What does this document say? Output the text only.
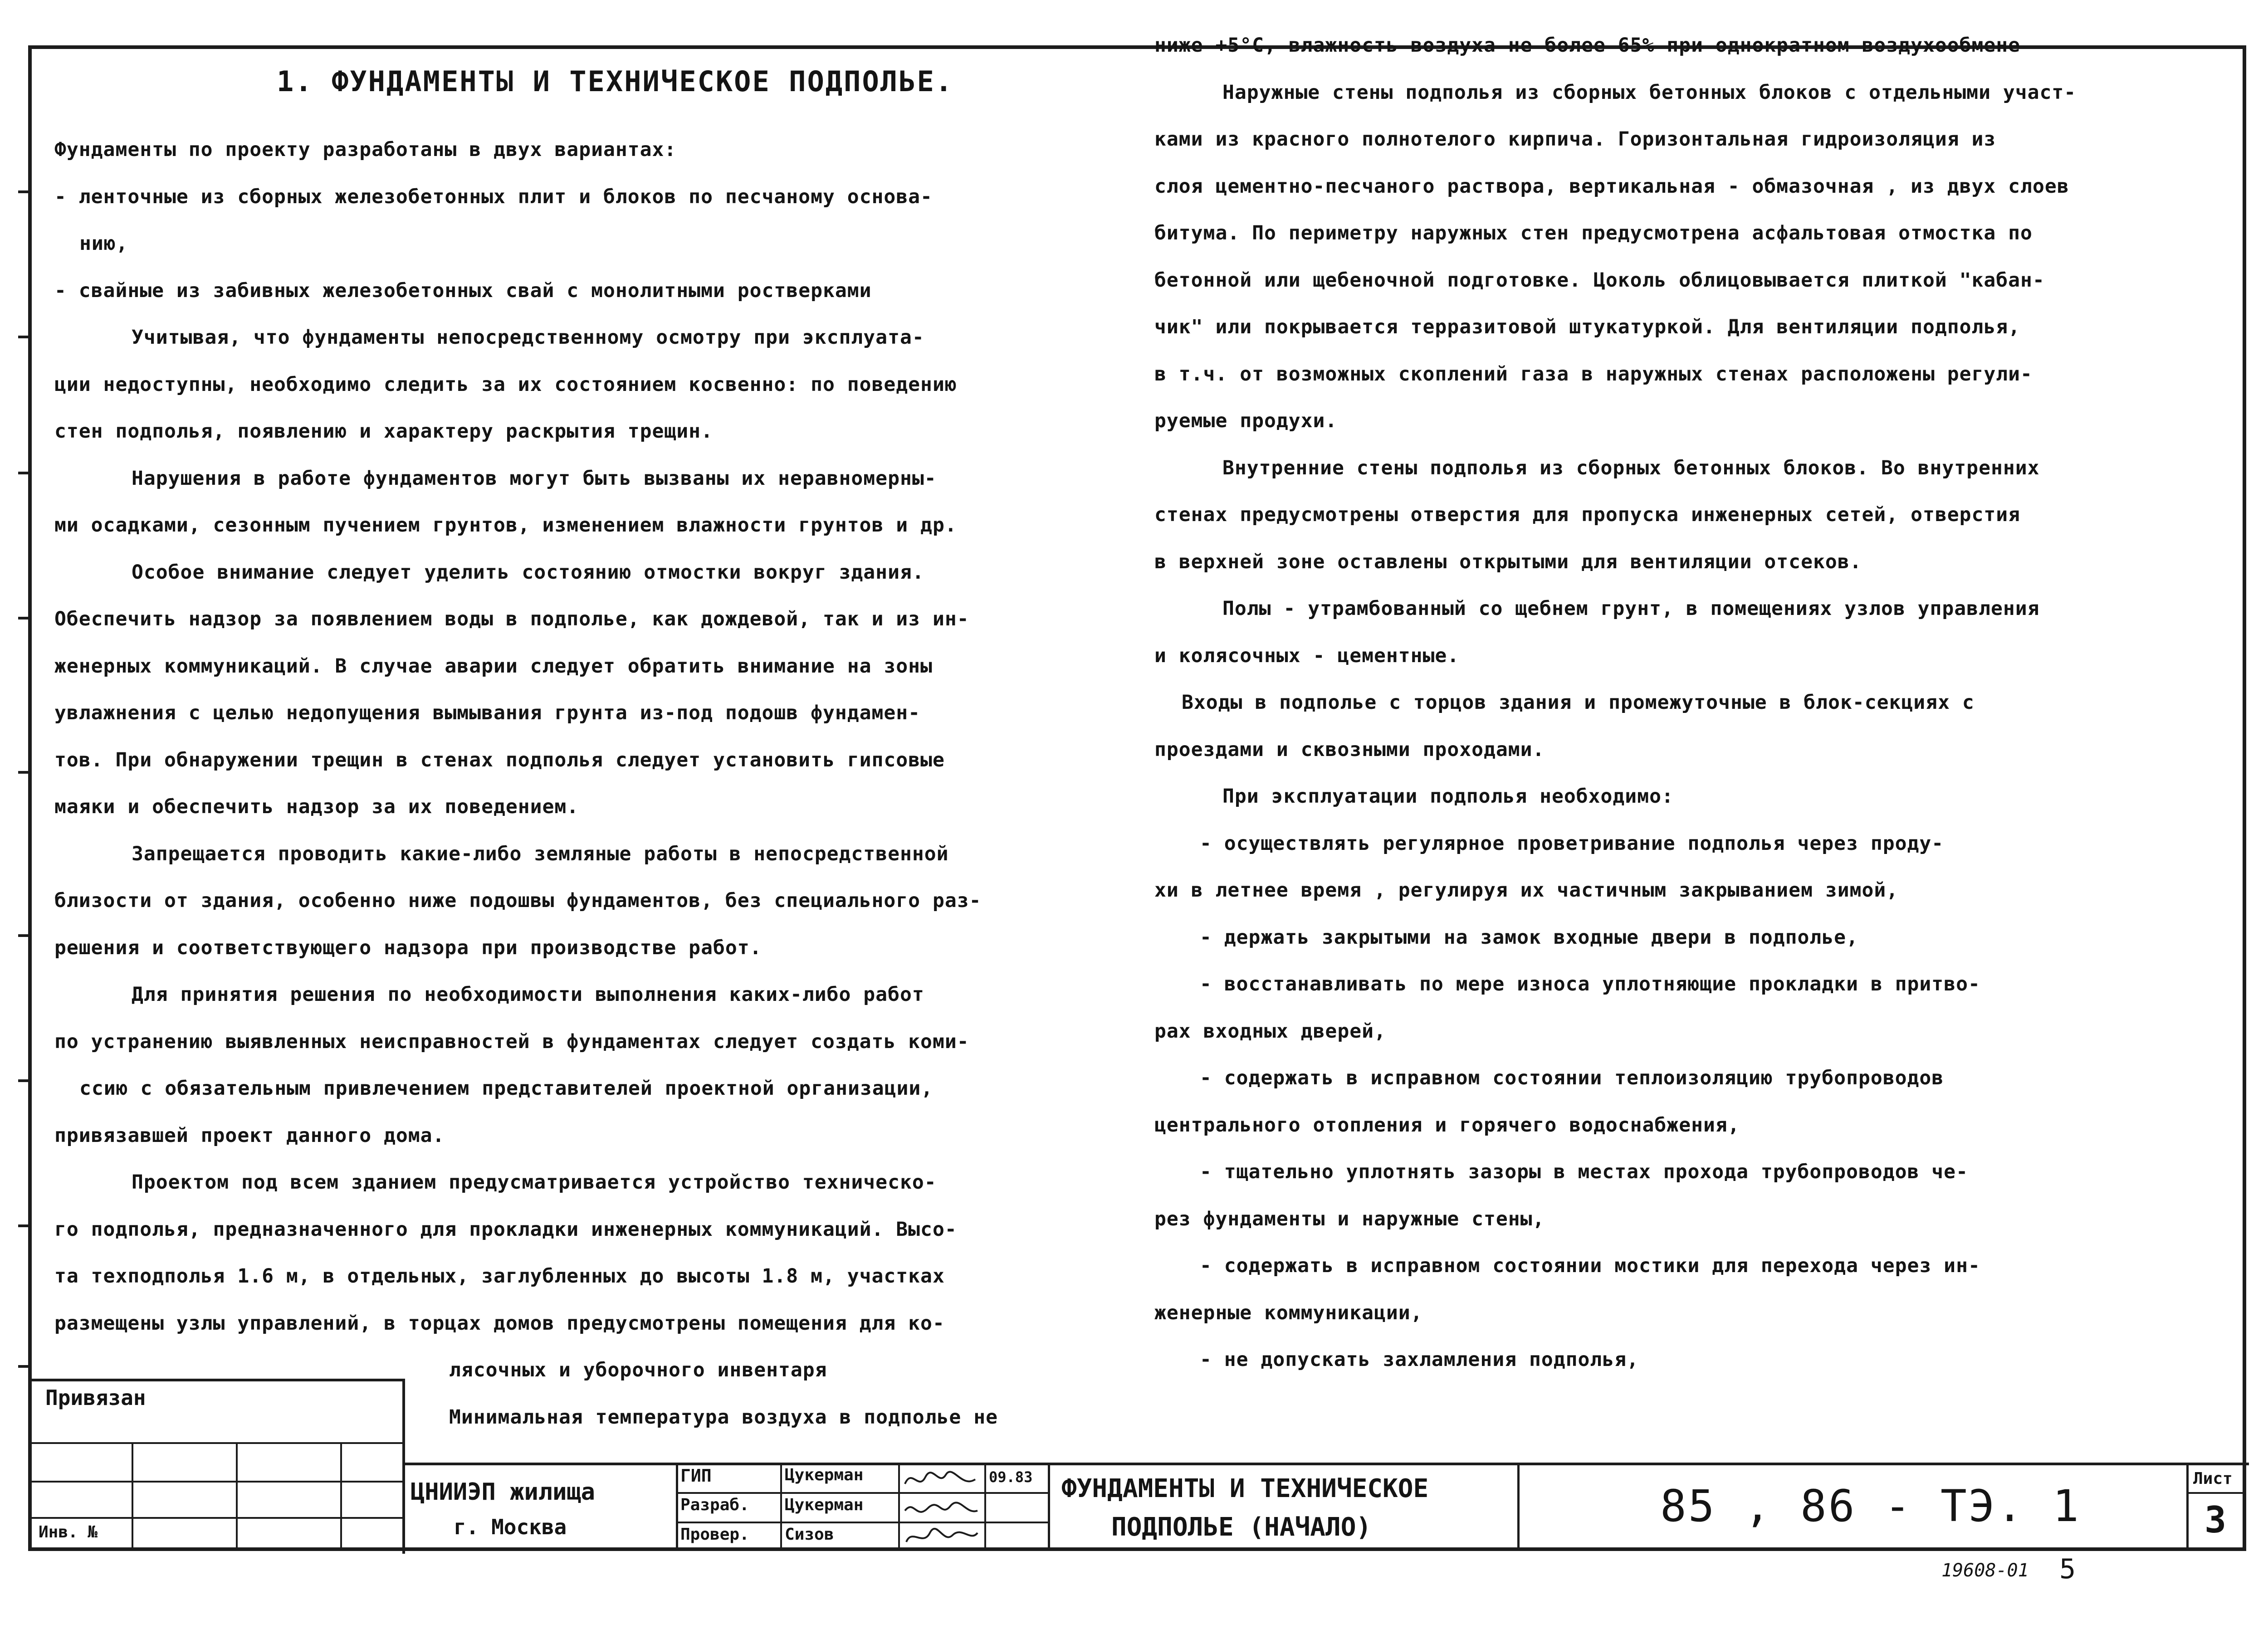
1. ФУНДАМЕНТЫ И ТЕХНИЧЕСКОЕ ПОДПОЛЬЕ.
Фундаменты по проекту разработаны в двух вариантах:
- ленточные из сборных железобетонных плит и блоков по песчаному основа-
нию,
- свайные из забивных железобетонных свай с монолитными ростверками
Учитывая, что фундаменты непосредственному осмотру при эксплуата-
ции недоступны, необходимо следить за их состоянием косвенно: по поведению
стен подполья, появлению и характеру раскрытия трещин.
Нарушения в работе фундаментов могут быть вызваны их неравномерны-
ми осадками, сезонным пучением грунтов, изменением влажности грунтов и др.
Особое внимание следует уделить состоянию отмостки вокруг здания.
Обеспечить надзор за появлением воды в подполье, как дождевой, так и из ин-
женерных коммуникаций. В случае аварии следует обратить внимание на зоны
увлажнения с целью недопущения вымывания грунта из-под подошв фундамен-
тов. При обнаружении трещин в стенах подполья следует установить гипсовые
маяки и обеспечить надзор за их поведением.
Запрещается проводить какие-либо земляные работы в непосредственной
близости от здания, особенно ниже подошвы фундаментов, без специального раз-
решения и соответствующего надзора при производстве работ.
Для принятия решения по необходимости выполнения каких-либо работ
по устранению выявленных неисправностей в фундаментах следует создать коми-
ссию с обязательным привлечением представителей проектной организации,
привязавшей проект данного дома.
Проектом под всем зданием предусматривается устройство техническо-
го подполья, предназначенного для прокладки инженерных коммуникаций. Высо-
та техподполья 1.6 м, в отдельных, заглубленных до высоты 1.8 м, участках
размещены узлы управлений, в торцах домов предусмотрены помещения для ко-
лясочных и уборочного инвентаря
Минимальная температура воздуха в подполье не
ниже +5°С, влажность воздуха не более 65% при однократном воздухообмене
Наружные стены подполья из сборных бетонных блоков с отдельными участ-
ками из красного полнотелого кирпича. Горизонтальная гидроизоляция из
слоя цементно-песчаного раствора, вертикальная - обмазочная , из двух слоев
битума. По периметру наружных стен предусмотрена асфальтовая отмостка по
бетонной или щебеночной подготовке. Цоколь облицовывается плиткой "кабан-
чик" или покрывается терразитовой штукатуркой. Для вентиляции подполья,
в т.ч. от возможных скоплений газа в наружных стенах расположены регули-
руемые продухи.
Внутренние стены подполья из сборных бетонных блоков. Во внутренних
стенах предусмотрены отверстия для пропуска инженерных сетей, отверстия
в верхней зоне оставлены открытыми для вентиляции отсеков.
Полы - утрамбованный со щебнем грунт, в помещениях узлов управления
и колясочных - цементные.
Входы в подполье с торцов здания и промежуточные в блок-секциях с
проездами и сквозными проходами.
При эксплуатации подполья необходимо:
- осуществлять регулярное проветривание подполья через проду-
хи в летнее время , регулируя их частичным закрыванием зимой,
- держать закрытыми на замок входные двери в подполье,
- восстанавливать по мере износа уплотняющие прокладки в притво-
рах входных дверей,
- содержать в исправном состоянии теплоизоляцию трубопроводов
центрального отопления и горячего водоснабжения,
- тщательно уплотнять зазоры в местах прохода трубопроводов че-
рез фундаменты и наружные стены,
- содержать в исправном состоянии мостики для перехода через ин-
женерные коммуникации,
- не допускать захламления подполья,
Привязан
Инв. №
ЦНИИЭП жилища
г. Москва
ГИП
Разраб.
Провер.
Цукерман
Цукерман
Сизов
09.83 ФУНДАМЕНТЫ И ТЕХНИЧЕСКОЕ
ПОДПОЛЬЕ (НАЧАЛО)	85 , 86 - ТЭ. 1
Лист
3
19608-01 5
